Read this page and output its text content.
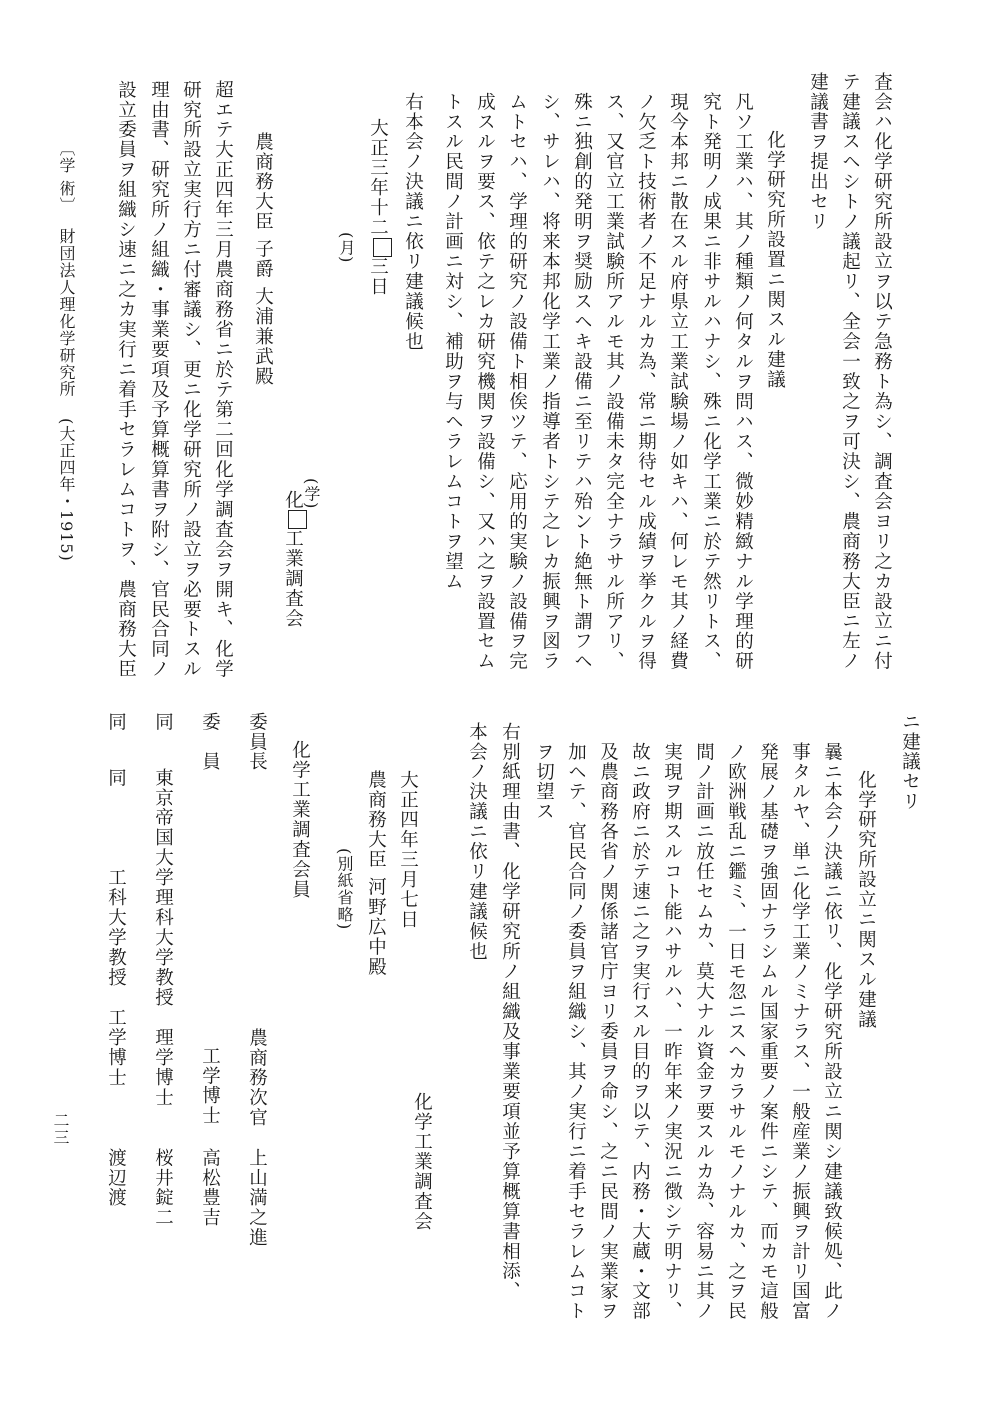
査会ハ化学研究所設立ヲ以テ急務ト為シ、調査会ヨリ之カ設立ニ付
テ建議スヘシトノ議起リ、全会一致之ヲ可決シ、農商務大臣ニ左ノ
建議書ヲ提出セリ
化学研究所設置ニ関スル建議
凡ソ工業ハ、其ノ種類ノ何タルヲ問ハス、微妙精緻ナル学理的研
究ト発明ノ成果ニ非サルハナシ、殊ニ化学工業ニ於テ然リトス、
現今本邦ニ散在スル府県立工業試験場ノ如キハ、何レモ其ノ経費
ノ欠乏ト技術者ノ不足ナルカ為、常ニ期待セル成績ヲ挙クルヲ得
ス、又官立工業試験所アルモ其ノ設備未タ完全ナラサル所アリ、
殊ニ独創的発明ヲ奨励スヘキ設備ニ至リテハ殆ント絶無ト謂フヘ
シ、サレハ、将来本邦化学工業ノ指導者トシテ之レカ振興ヲ図ラ
ムトセハ、学理的研究ノ設備ト相俟ツテ、応用的実験ノ設備ヲ完
成スルヲ要ス、依テ之レカ研究機関ヲ設備シ、又ハ之ヲ設置セム
トスル民間ノ計画ニ対シ、補助ヲ与ヘラレムコトヲ望ム
右本会ノ決議ニ依リ建議候也
大正三年十二三日
(月)
化工業調査会
(学)
農商務大臣 子爵 大浦兼武殿
超エテ大正四年三月農商務省ニ於テ第二回化学調査会ヲ開キ、化学
研究所設立実行方ニ付審議シ、更ニ化学研究所ノ設立ヲ必要トスル
理由書、研究所ノ組織・事業要項及予算概算書ヲ附シ、官民合同ノ
設立委員ヲ組織シ速ニ之カ実行ニ着手セラレムコトヲ、農商務大臣
〔学 術〕
財団法人理化学研究所
(大正四年・1915)
ニ建議セリ
化学研究所設立ニ関スル建議
曩ニ本会ノ決議ニ依リ、化学研究所設立ニ関シ建議致候処、此ノ
事タルヤ、単ニ化学工業ノミナラス、一般産業ノ振興ヲ計リ国富
発展ノ基礎ヲ強固ナラシムル国家重要ノ案件ニシテ、而カモ這般
ノ欧洲戦乱ニ鑑ミ、一日モ忽ニスヘカラサルモノナルカ、之ヲ民
間ノ計画ニ放任セムカ、莫大ナル資金ヲ要スルカ為、容易ニ其ノ
実現ヲ期スルコト能ハサルハ、一昨年来ノ実況ニ徴シテ明ナリ、
故ニ政府ニ於テ速ニ之ヲ実行スル目的ヲ以テ、内務・大蔵・文部
及農商務各省ノ関係諸官庁ヨリ委員ヲ命シ、之ニ民間ノ実業家ヲ
加ヘテ、官民合同ノ委員ヲ組織シ、其ノ実行ニ着手セラレムコト
ヲ切望ス
右別紙理由書、化学研究所ノ組織及事業要項並予算概算書相添、
本会ノ決議ニ依リ建議候也
化学工業調査会
大正四年三月七日
農商務大臣 河野広中殿
(別紙省略)
化学工業調査会員
委員長
農商務次官
上山満之進
委　員
工学博士
高松豊吉
同
東京帝国大学理科大学教授　理学博士
桜井錠二
同
同　　　　工科大学教授　工学博士
渡辺渡
二三
